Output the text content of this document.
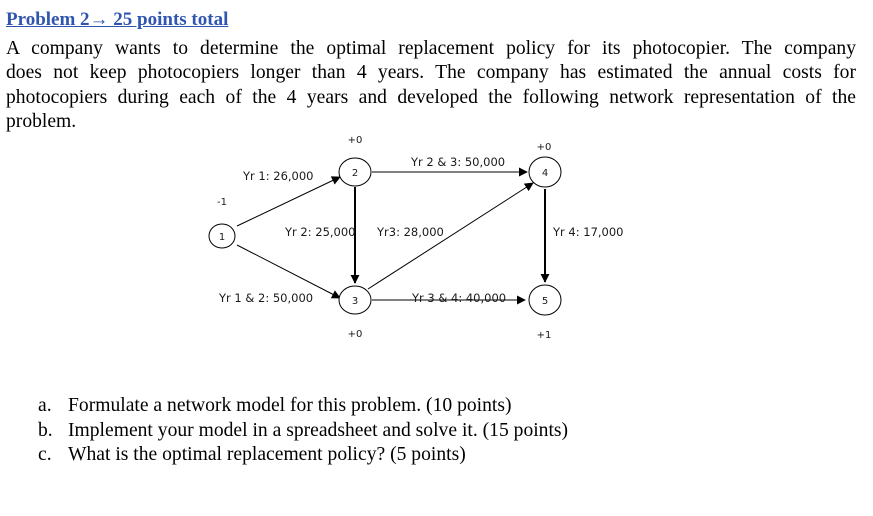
Problem 2→ 25 points total

A company wants to determine the optimal replacement policy for its photocopier. The company
does not keep photocopiers longer than 4 years. The company has estimated the annual costs for
photocopiers during each of the 4 years and developed the following network representation of the
problem.

1
2
3
4
5
-1
+0
+0
+0
+1
Yr 1: 26,000
Yr 1 & 2: 50,000
Yr 2: 25,000
Yr 2 & 3: 50,000
Yr3: 28,000
Yr 3 & 4: 40,000
Yr 4: 17,000
a. Formulate a network model for this problem. (10 points)
b. Implement your model in a spreadsheet and solve it. (15 points)
c. What is the optimal replacement policy? (5 points)
